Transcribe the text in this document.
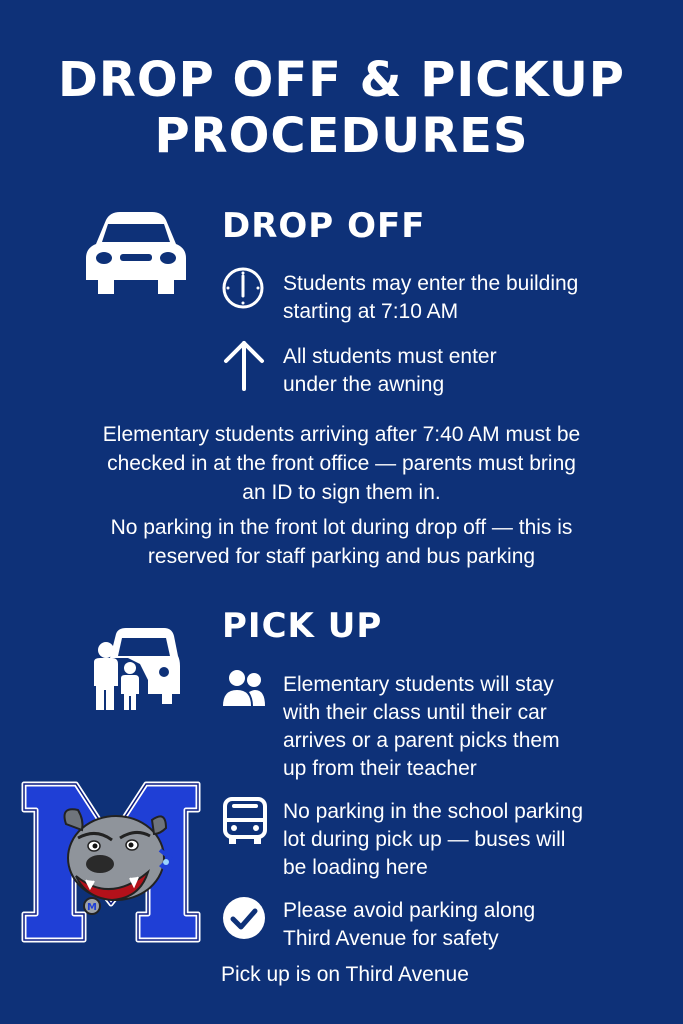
DROP OFF & PICKUP
PROCEDURES
DROP OFF
Students may enter the building
starting at 7:10 AM
All students must enter
under the awning
Elementary students arriving after 7:40 AM must be
checked in at the front office — parents must bring
an ID to sign them in.
No parking in the front lot during drop off — this is
reserved for staff parking and bus parking
PICK UP
Elementary students will stay
with their class until their car
arrives or a parent picks them
up from their teacher
No parking in the school parking
lot during pick up — buses will
be loading here
Please avoid parking along
Third Avenue for safety
Pick up is on Third Avenue
M
